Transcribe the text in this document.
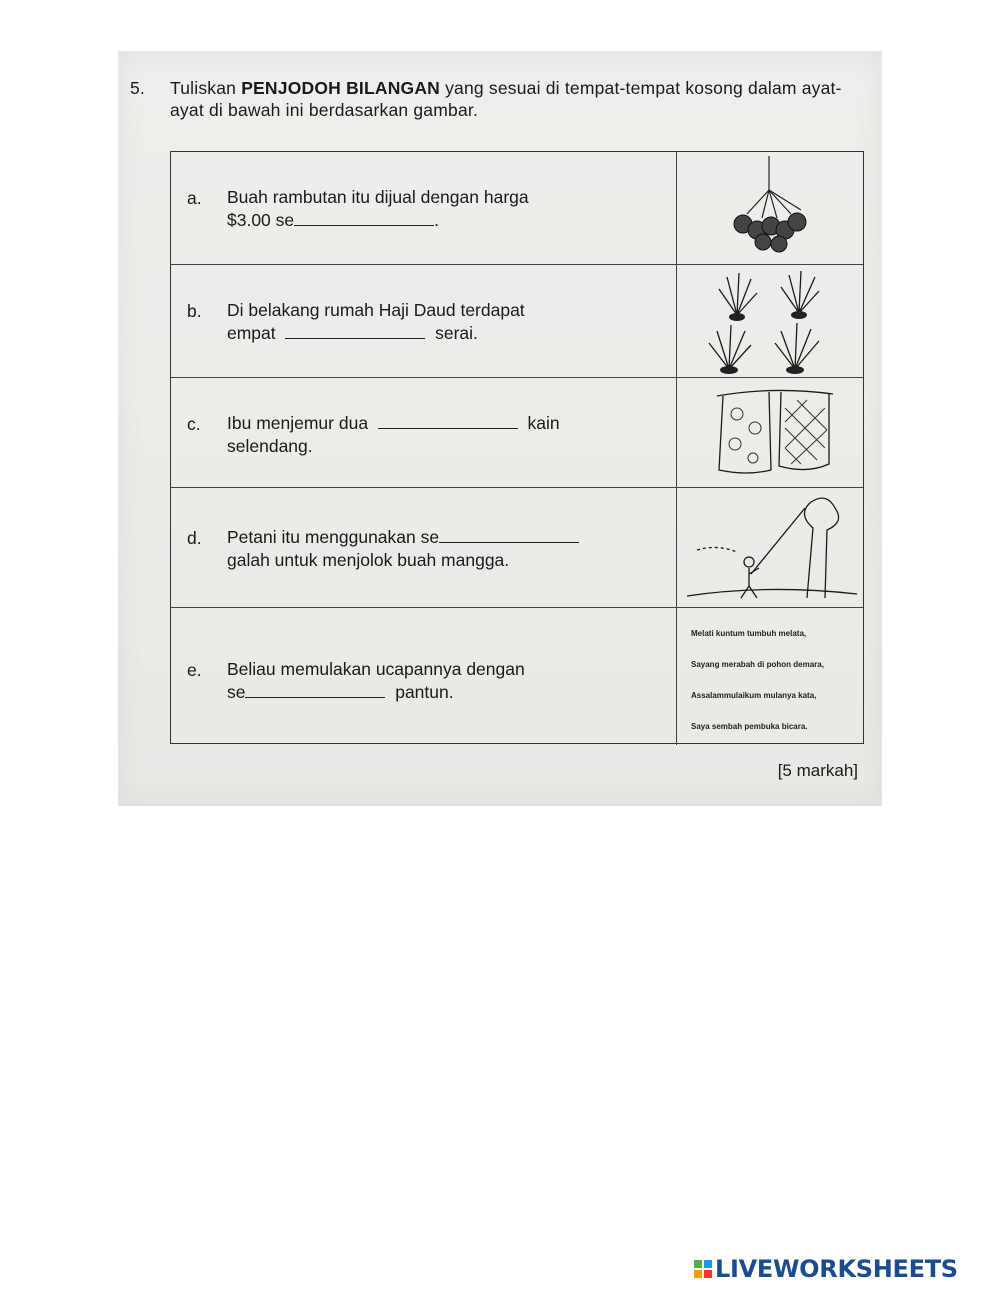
5. Tuliskan PENJODOH BILANGAN yang sesuai di tempat-tempat kosong dalam ayat-ayat di bawah ini berdasarkan gambar.
a. Buah rambutan itu dijual dengan harga
$3.00 se	.
b. Di belakang rumah Haji Daud terdapat
empat	serai.
c. Ibu menjemur dua	kain
selendang.
d. Petani itu menggunakan se
galah untuk menjolok buah mangga.
e. Beliau memulakan ucapannya dengan
se	pantun.
Melati kuntum tumbuh melata,
Sayang merabah di pohon demara,
Assalammulaikum mulanya kata,
Saya sembah pembuka bicara.
[5 markah]
LIVEWORKSHEETS
